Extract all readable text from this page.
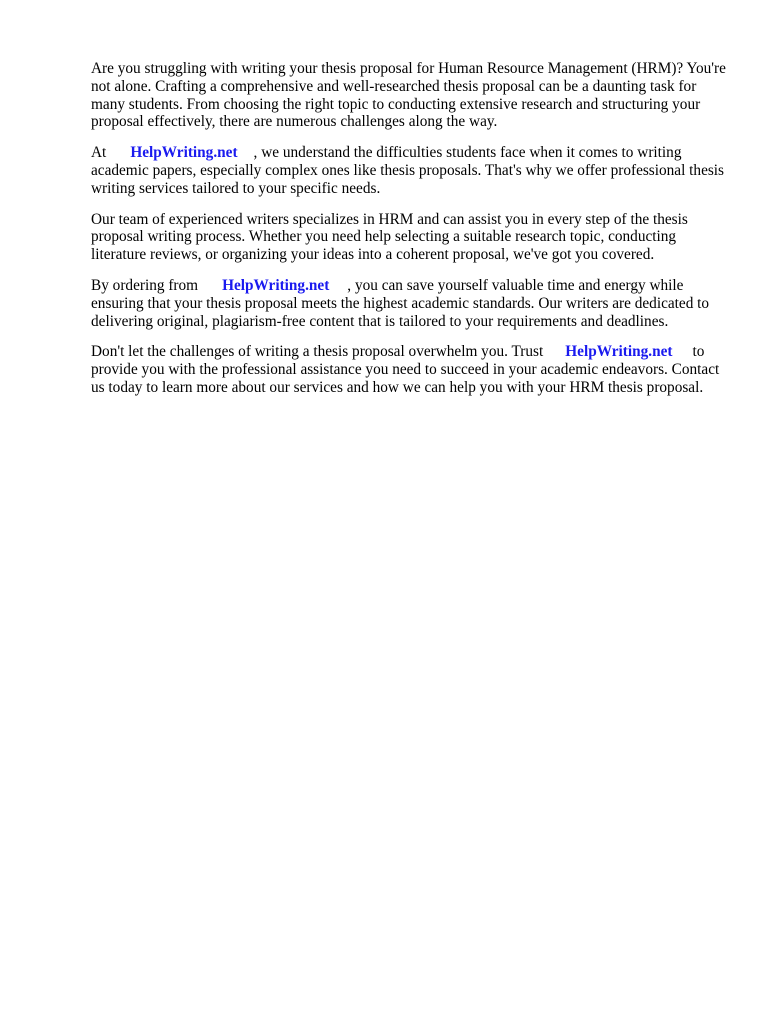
Are you struggling with writing your thesis proposal for Human Resource Management (HRM)? You're not alone. Crafting a comprehensive and well-researched thesis proposal can be a daunting task for many students. From choosing the right topic to conducting extensive research and structuring your proposal effectively, there are numerous challenges along the way.

At HelpWriting.net , we understand the difficulties students face when it comes to writing academic papers, especially complex ones like thesis proposals. That's why we offer professional thesis writing services tailored to your specific needs.

Our team of experienced writers specializes in HRM and can assist you in every step of the thesis proposal writing process. Whether you need help selecting a suitable research topic, conducting literature reviews, or organizing your ideas into a coherent proposal, we've got you covered.

By ordering from HelpWriting.net , you can save yourself valuable time and energy while ensuring that your thesis proposal meets the highest academic standards. Our writers are dedicated to delivering original, plagiarism-free content that is tailored to your requirements and deadlines.

Don't let the challenges of writing a thesis proposal overwhelm you. Trust HelpWriting.net to provide you with the professional assistance you need to succeed in your academic endeavors. Contact us today to learn more about our services and how we can help you with your HRM thesis proposal.
